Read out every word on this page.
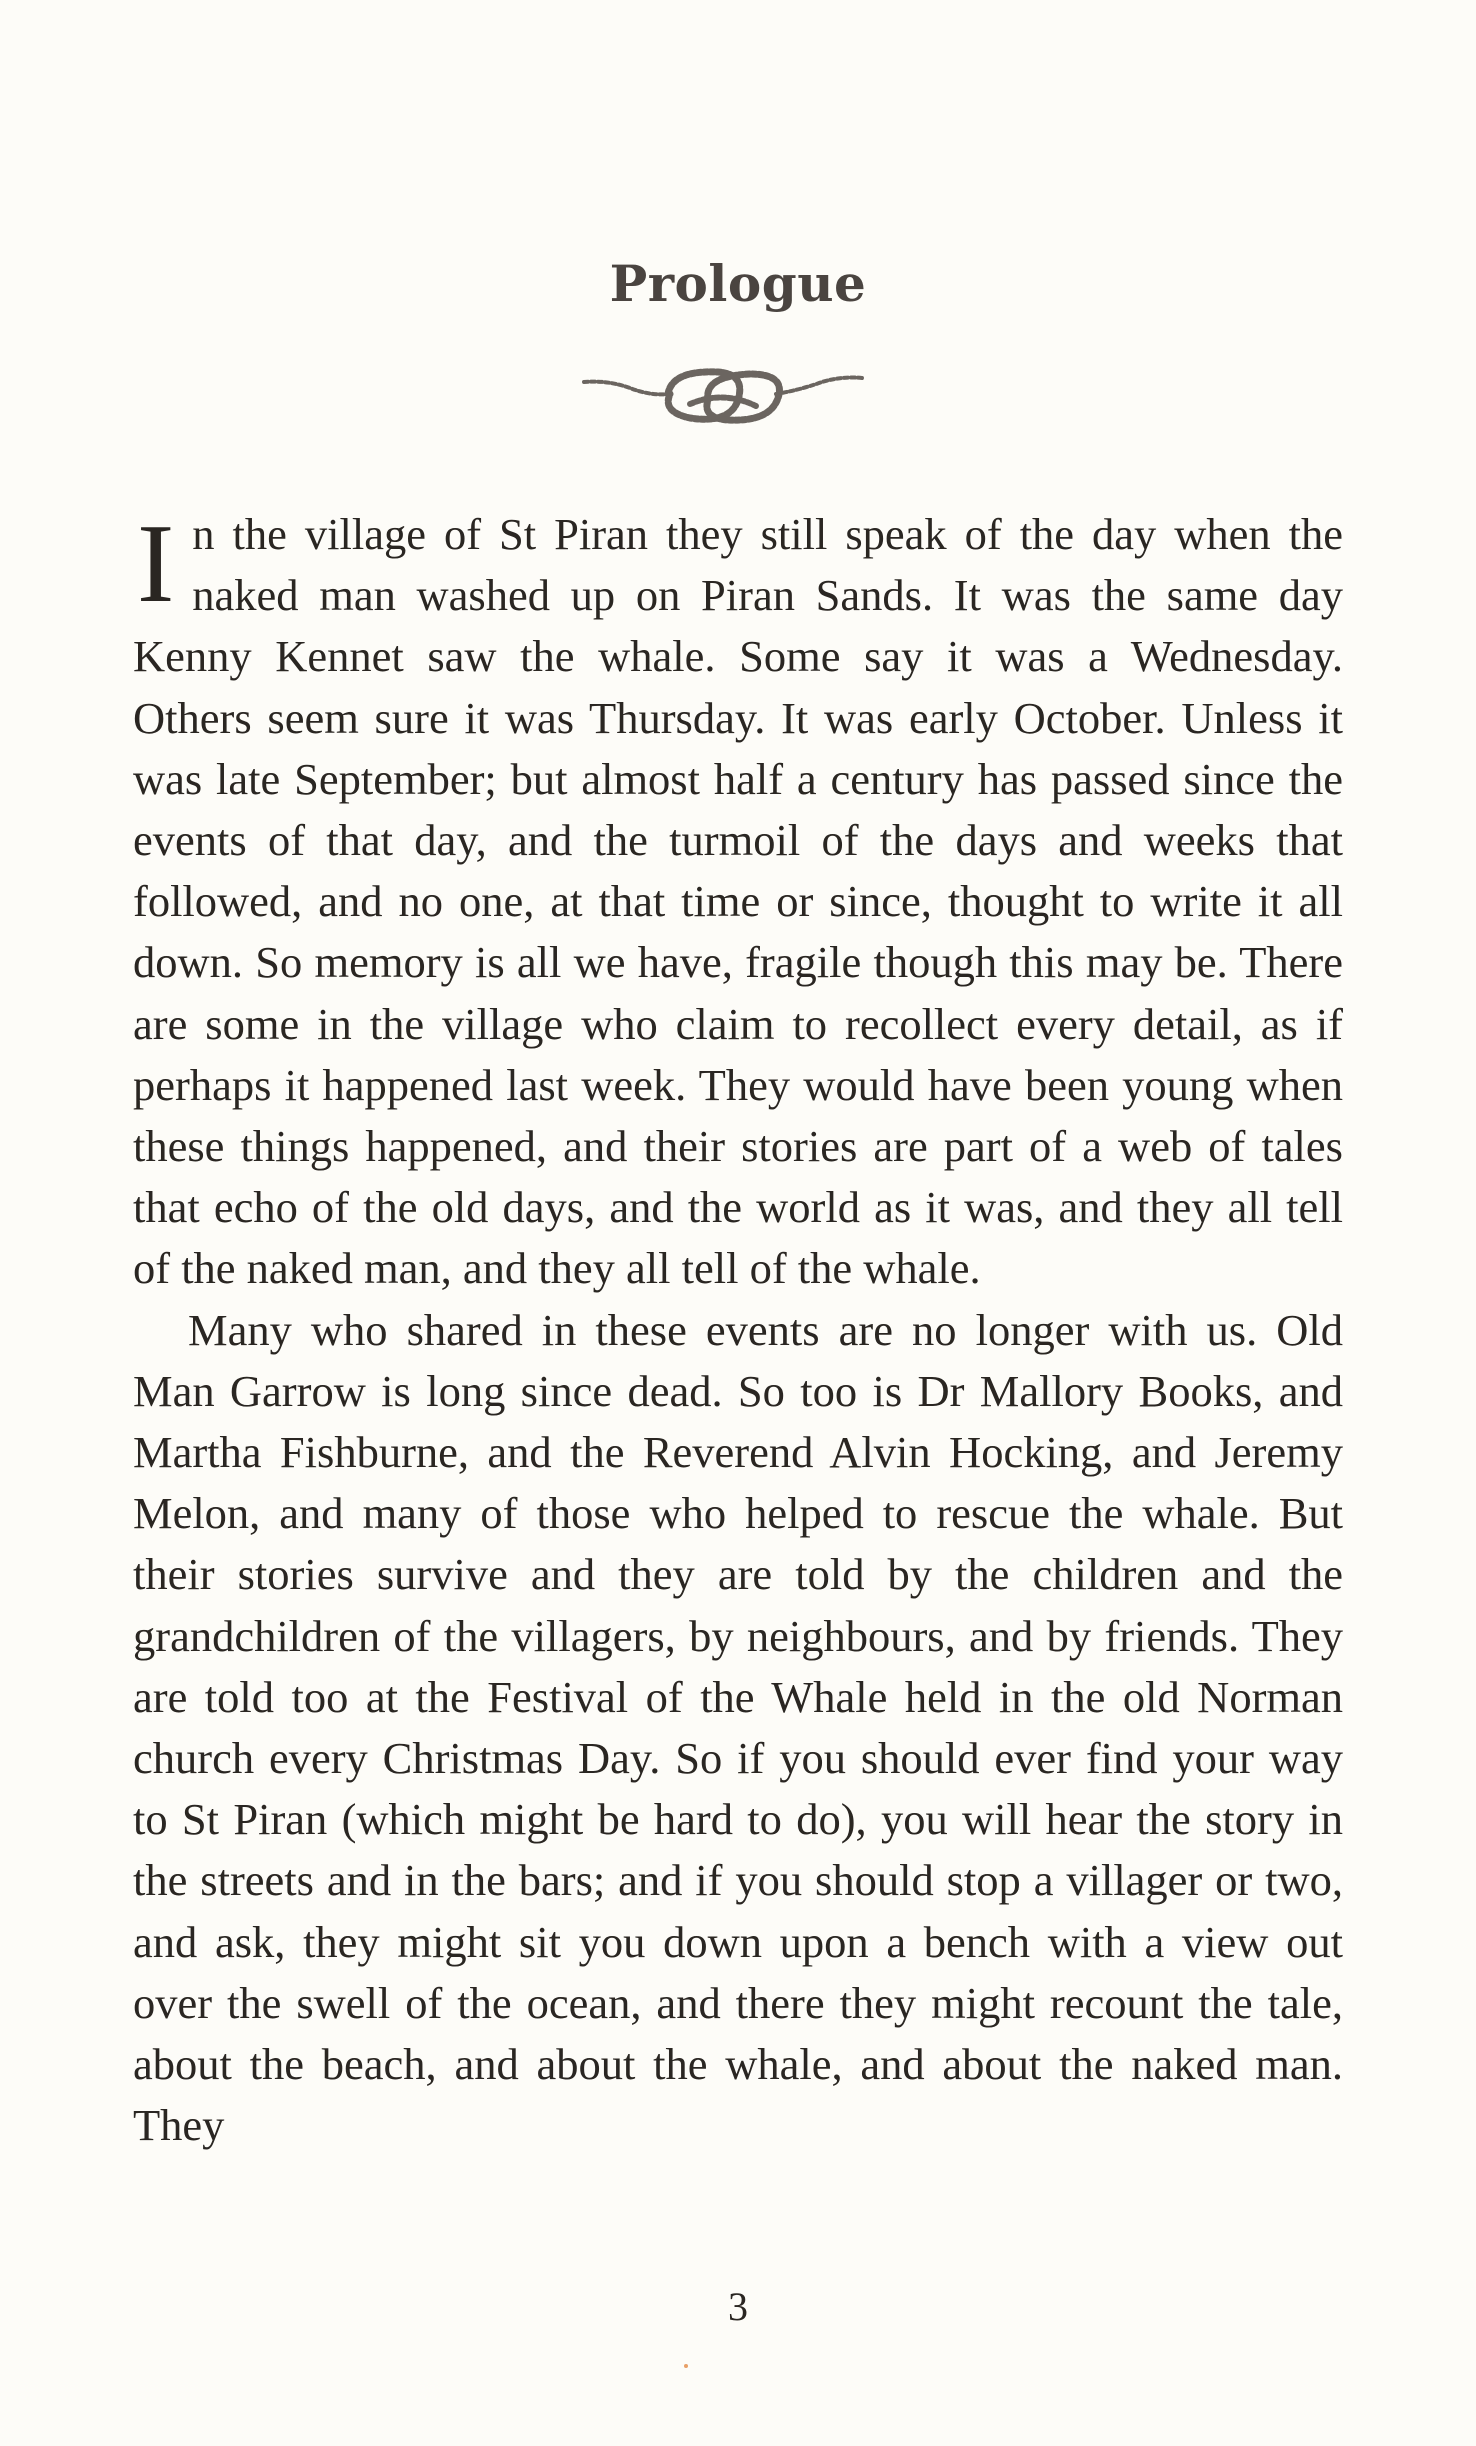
Prologue

In the village of St Piran they still speak of the day when the naked man washed up on Piran Sands. It was the same day Kenny Kennet saw the whale. Some say it was a Wednesday. Others seem sure it was Thursday. It was early October. Unless it was late September; but almost half a century has passed since the events of that day, and the turmoil of the days and weeks that followed, and no one, at that time or since, thought to write it all down. So memory is all we have, fragile though this may be. There are some in the village who claim to recollect every detail, as if perhaps it happened last week. They would have been young when these things happened, and their stories are part of a web of tales that echo of the old days, and the world as it was, and they all tell of the naked man, and they all tell of the whale.

Many who shared in these events are no longer with us. Old Man Garrow is long since dead. So too is Dr Mallory Books, and Martha Fishburne, and the Reverend Alvin Hocking, and Jeremy Melon, and many of those who helped to rescue the whale. But their stories survive and they are told by the children and the grandchildren of the villagers, by neighbours, and by friends. They are told too at the Festival of the Whale held in the old Norman church every Christmas Day. So if you should ever find your way to St Piran (which might be hard to do), you will hear the story in the streets and in the bars; and if you should stop a villager or two, and ask, they might sit you down upon a bench with a view out over the swell of the ocean, and there they might recount the tale, about the beach, and about the whale, and about the naked man. They

3
